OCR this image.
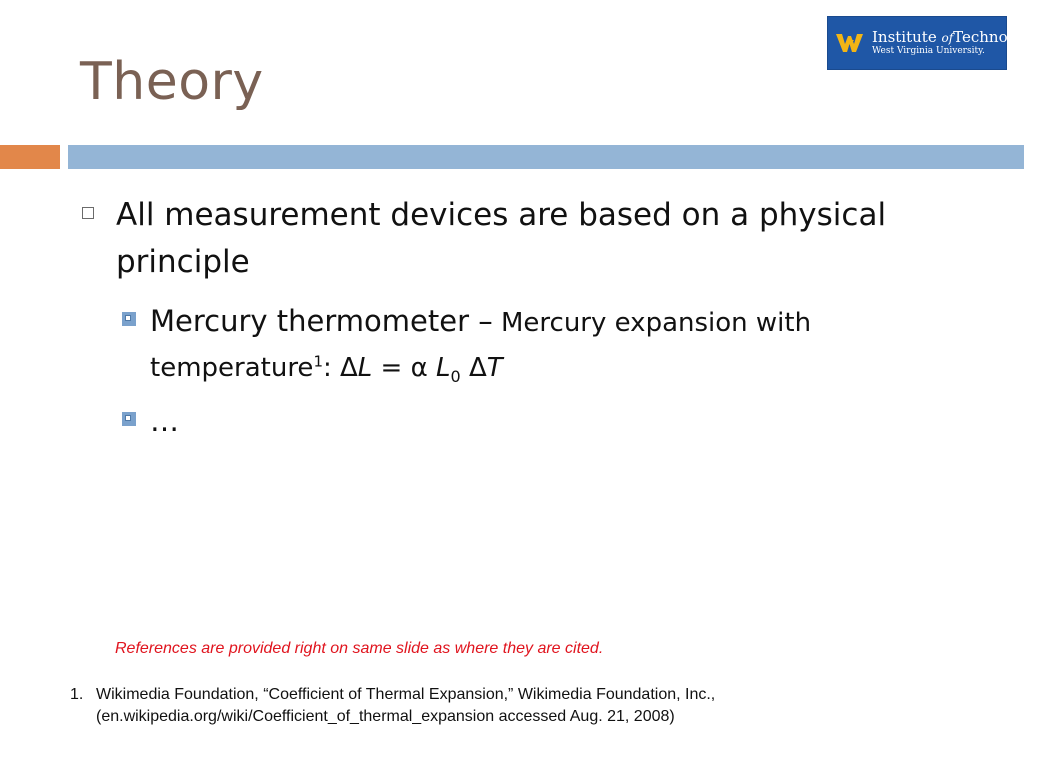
Theory
Institute ofTechnology
West Virginia University.
All measurement devices are based on a physical
principle
Mercury thermometer – Mercury expansion with
temperature$^1$: ΔL = α $L_0$ ΔT
…
References are provided right on same slide as where they are cited.
1. Wikimedia Foundation, “Coefficient of Thermal Expansion,” Wikimedia Foundation, Inc.,
(en.wikipedia.org/wiki/Coefficient_of_thermal_expansion accessed Aug. 21, 2008)
